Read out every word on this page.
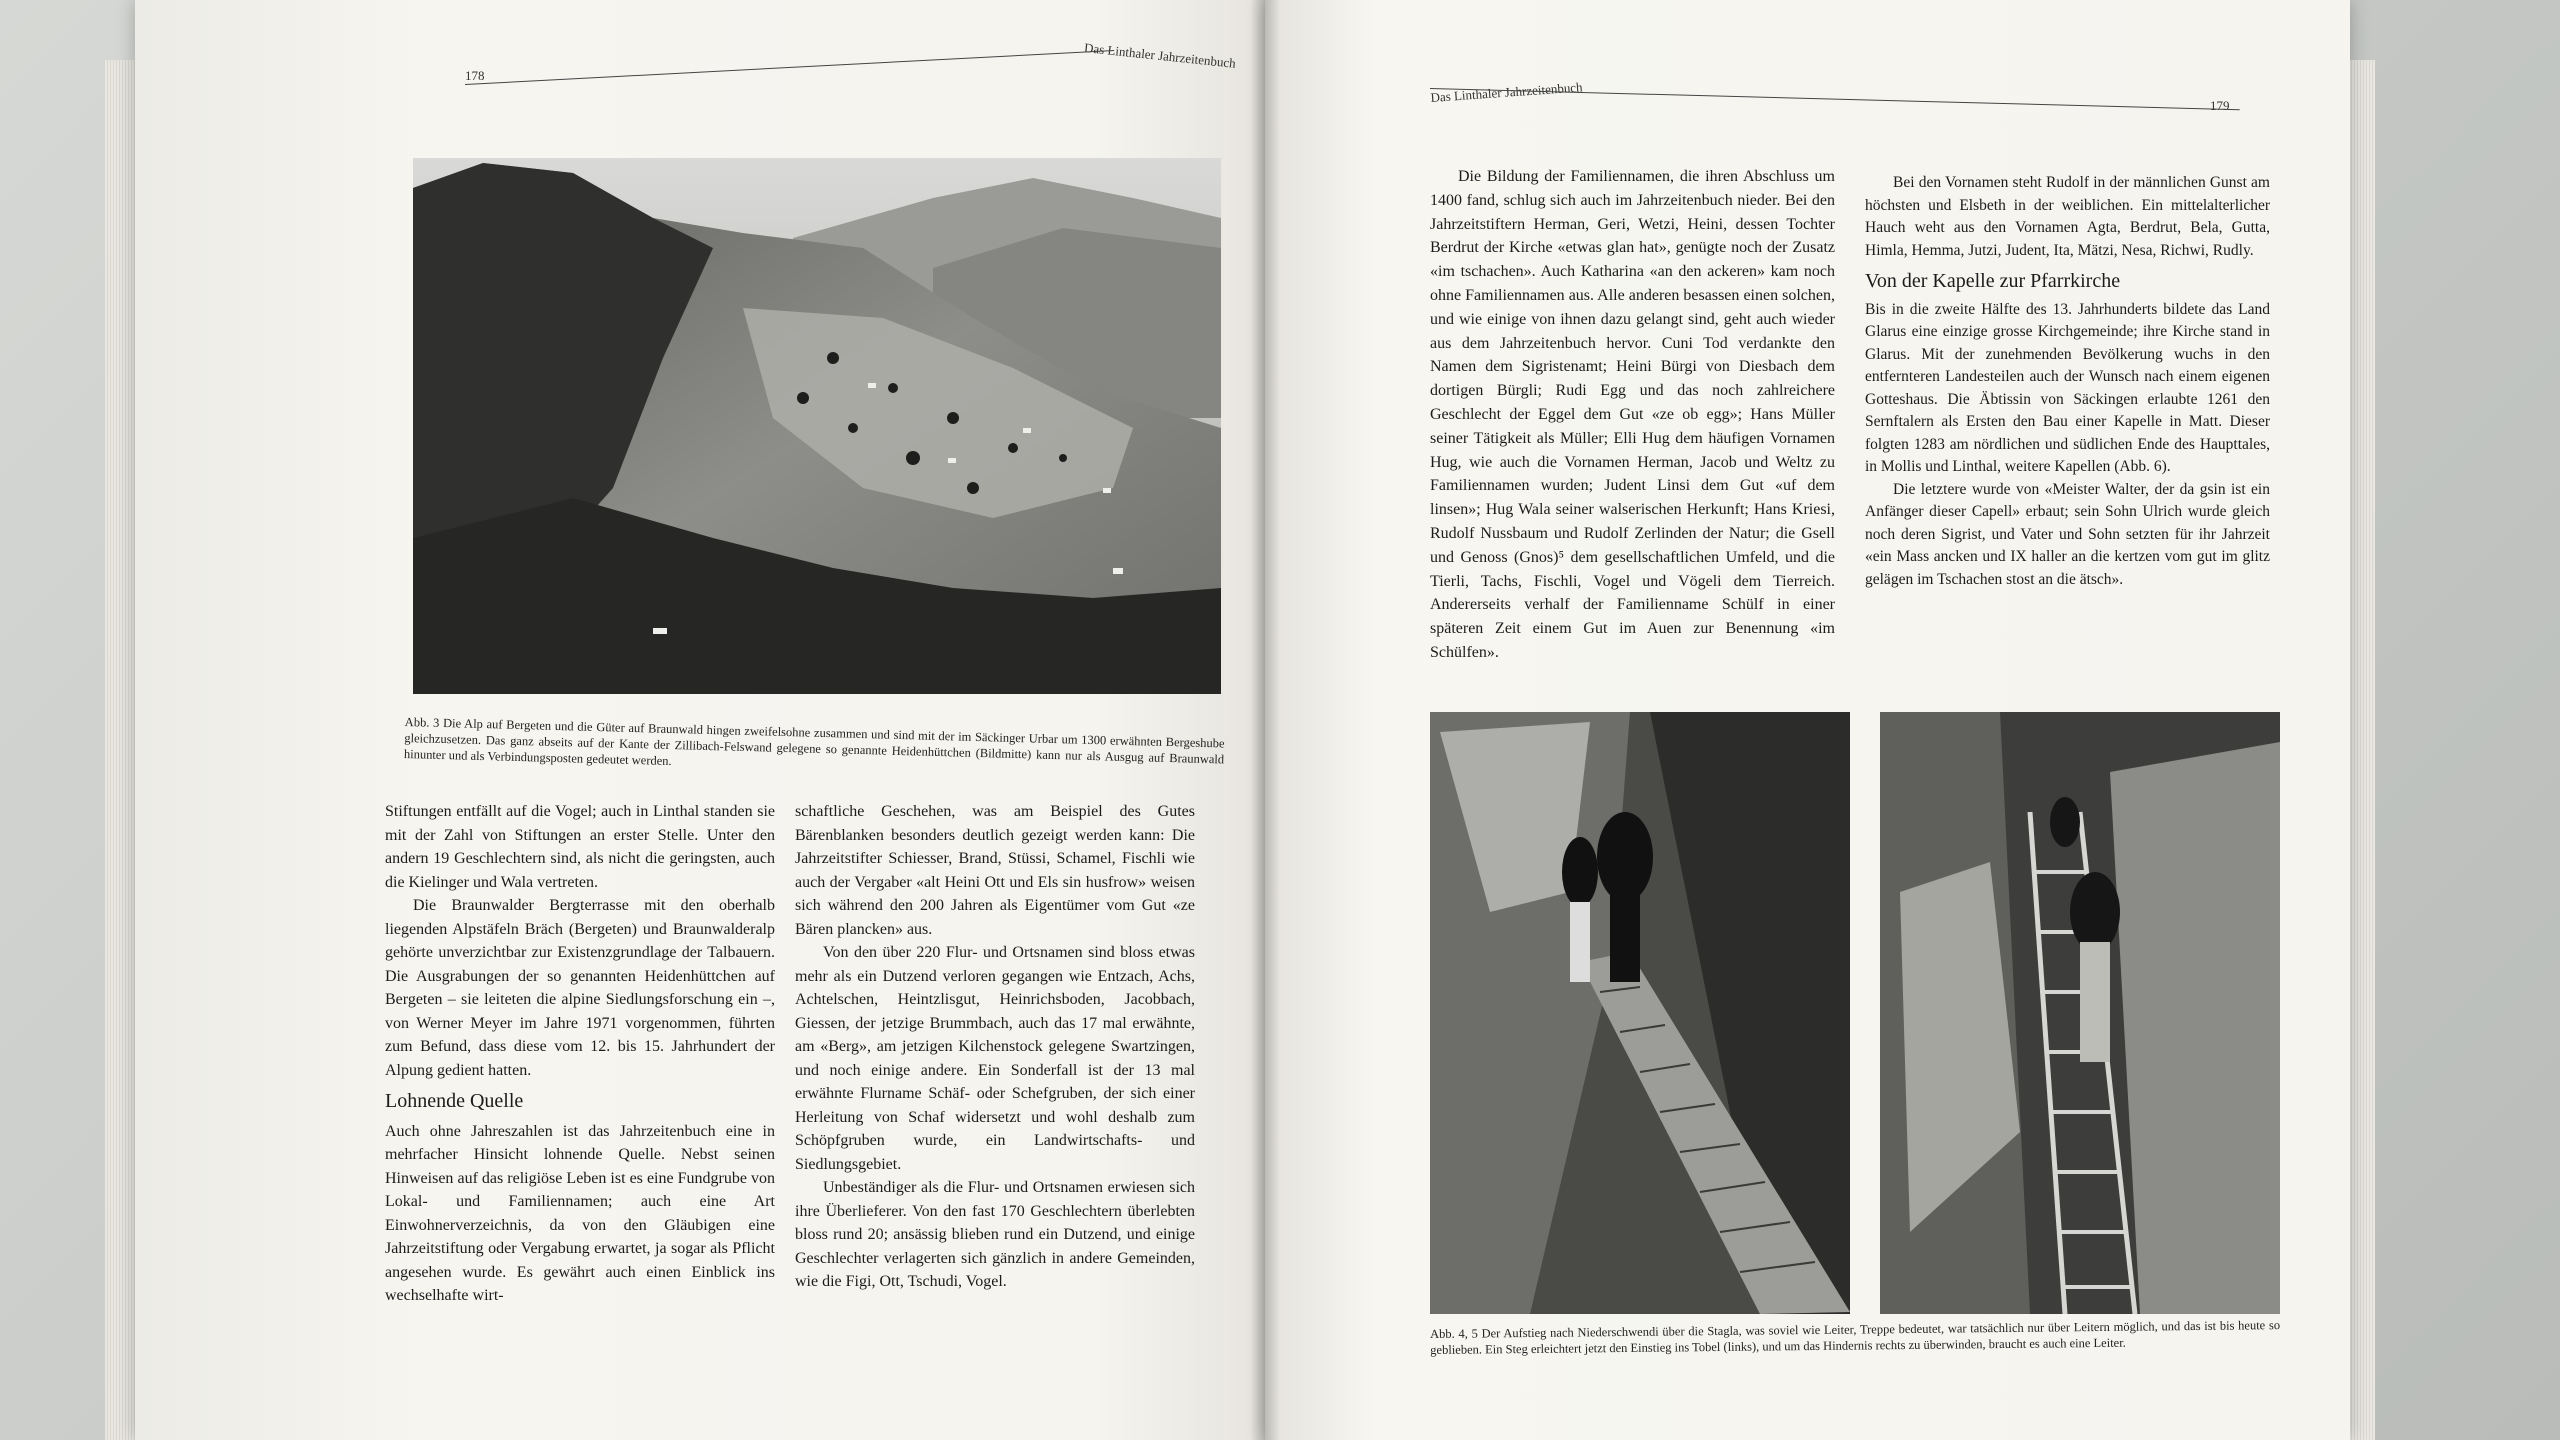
178
Das Linthaler Jahrzeitenbuch
Abb. 3 Die Alp auf Bergeten und die Güter auf Braunwald hingen zweifelsohne zusammen und sind mit der im Säckinger Urbar um 1300 erwähnten Bergeshube gleichzusetzen. Das ganz abseits auf der Kante der Zillibach-Felswand gelegene so genannte Heidenhüttchen (Bildmitte) kann nur als Ausgug auf Braunwald hinunter und als Verbindungsposten gedeutet werden.

Stiftungen entfällt auf die Vogel; auch in Linthal standen sie mit der Zahl von Stiftungen an erster Stelle. Unter den andern 19 Geschlechtern sind, als nicht die geringsten, auch die Kielinger und Wala vertreten.

Die Braunwalder Bergterrasse mit den oberhalb liegenden Alpstäfeln Bräch (Bergeten) und Braunwalderalp gehörte unverzichtbar zur Existenzgrundlage der Talbauern. Die Ausgrabungen der so genannten Heidenhüttchen auf Bergeten – sie leiteten die alpine Siedlungsforschung ein –, von Werner Meyer im Jahre 1971 vorgenommen, führten zum Befund, dass diese vom 12. bis 15. Jahrhundert der Alpung gedient hatten.

Lohnende Quelle

Auch ohne Jahreszahlen ist das Jahrzeitenbuch eine in mehrfacher Hinsicht lohnende Quelle. Nebst seinen Hinweisen auf das religiöse Leben ist es eine Fundgrube von Lokal- und Familiennamen; auch eine Art Einwohnerverzeichnis, da von den Gläubigen eine Jahrzeitstiftung oder Vergabung erwartet, ja sogar als Pflicht angesehen wurde. Es gewährt auch einen Einblick ins wechselhafte wirt-

schaftliche Geschehen, was am Beispiel des Gutes Bärenblanken besonders deutlich gezeigt werden kann: Die Jahrzeitstifter Schiesser, Brand, Stüssi, Schamel, Fischli wie auch der Vergaber «alt Heini Ott und Els sin husfrow» weisen sich während den 200 Jahren als Eigentümer vom Gut «ze Bären plancken» aus.

Von den über 220 Flur- und Ortsnamen sind bloss etwas mehr als ein Dutzend verloren gegangen wie Entzach, Achs, Achtelschen, Heintzlisgut, Heinrichsboden, Jacobbach, Giessen, der jetzige Brummbach, auch das 17 mal erwähnte, am «Berg», am jetzigen Kilchenstock gelegene Swartzingen, und noch einige andere. Ein Sonderfall ist der 13 mal erwähnte Flurname Schäf- oder Schefgruben, der sich einer Herleitung von Schaf widersetzt und wohl deshalb zum Schöpfgruben wurde, ein Landwirtschafts- und Siedlungsgebiet.

Unbeständiger als die Flur- und Ortsnamen erwiesen sich ihre Überlieferer. Von den fast 170 Geschlechtern überlebten bloss rund 20; ansässig blieben rund ein Dutzend, und einige Geschlechter verlagerten sich gänzlich in andere Gemeinden, wie die Figi, Ott, Tschudi, Vogel.

Das Linthaler Jahrzeitenbuch
179

Die Bildung der Familiennamen, die ihren Abschluss um 1400 fand, schlug sich auch im Jahrzeitenbuch nieder. Bei den Jahrzeitstiftern Herman, Geri, Wetzi, Heini, dessen Tochter Berdrut der Kirche «etwas glan hat», genügte noch der Zusatz «im tschachen». Auch Katharina «an den ackeren» kam noch ohne Familiennamen aus. Alle anderen besassen einen solchen, und wie einige von ihnen dazu gelangt sind, geht auch wieder aus dem Jahrzeitenbuch hervor. Cuni Tod verdankte den Namen dem Sigristenamt; Heini Bürgi von Diesbach dem dortigen Bürgli; Rudi Egg und das noch zahlreichere Geschlecht der Eggel dem Gut «ze ob egg»; Hans Müller seiner Tätigkeit als Müller; Elli Hug dem häufigen Vornamen Hug, wie auch die Vornamen Herman, Jacob und Weltz zu Familiennamen wurden; Judent Linsi dem Gut «uf dem linsen»; Hug Wala seiner walserischen Herkunft; Hans Kriesi, Rudolf Nussbaum und Rudolf Zerlinden der Natur; die Gsell und Genoss (Gnos)⁵ dem gesellschaftlichen Umfeld, und die Tierli, Tachs, Fischli, Vogel und Vögeli dem Tierreich. Andererseits verhalf der Familienname Schülf in einer späteren Zeit einem Gut im Auen zur Benennung «im Schülfen».

Bei den Vornamen steht Rudolf in der männlichen Gunst am höchsten und Elsbeth in der weiblichen. Ein mittelalterlicher Hauch weht aus den Vornamen Agta, Berdrut, Bela, Gutta, Himla, Hemma, Jutzi, Judent, Ita, Mätzi, Nesa, Richwi, Rudly.

Von der Kapelle zur Pfarrkirche

Bis in die zweite Hälfte des 13. Jahrhunderts bildete das Land Glarus eine einzige grosse Kirchgemeinde; ihre Kirche stand in Glarus. Mit der zunehmenden Bevölkerung wuchs in den entfernteren Landesteilen auch der Wunsch nach einem eigenen Gotteshaus. Die Äbtissin von Säckingen erlaubte 1261 den Sernftalern als Ersten den Bau einer Kapelle in Matt. Dieser folgten 1283 am nördlichen und südlichen Ende des Haupttales, in Mollis und Linthal, weitere Kapellen (Abb. 6).

Die letztere wurde von «Meister Walter, der da gsin ist ein Anfänger dieser Capell» erbaut; sein Sohn Ulrich wurde gleich noch deren Sigrist, und Vater und Sohn setzten für ihr Jahrzeit «ein Mass ancken und IX haller an die kertzen vom gut im glitz gelägen im Tschachen stost an die ätsch».

Abb. 4, 5 Der Aufstieg nach Niederschwendi über die Stagla, was soviel wie Leiter, Treppe bedeutet, war tatsächlich nur über Leitern möglich, und das ist bis heute so geblieben. Ein Steg erleichtert jetzt den Einstieg ins Tobel (links), und um das Hindernis rechts zu überwinden, braucht es auch eine Leiter.
